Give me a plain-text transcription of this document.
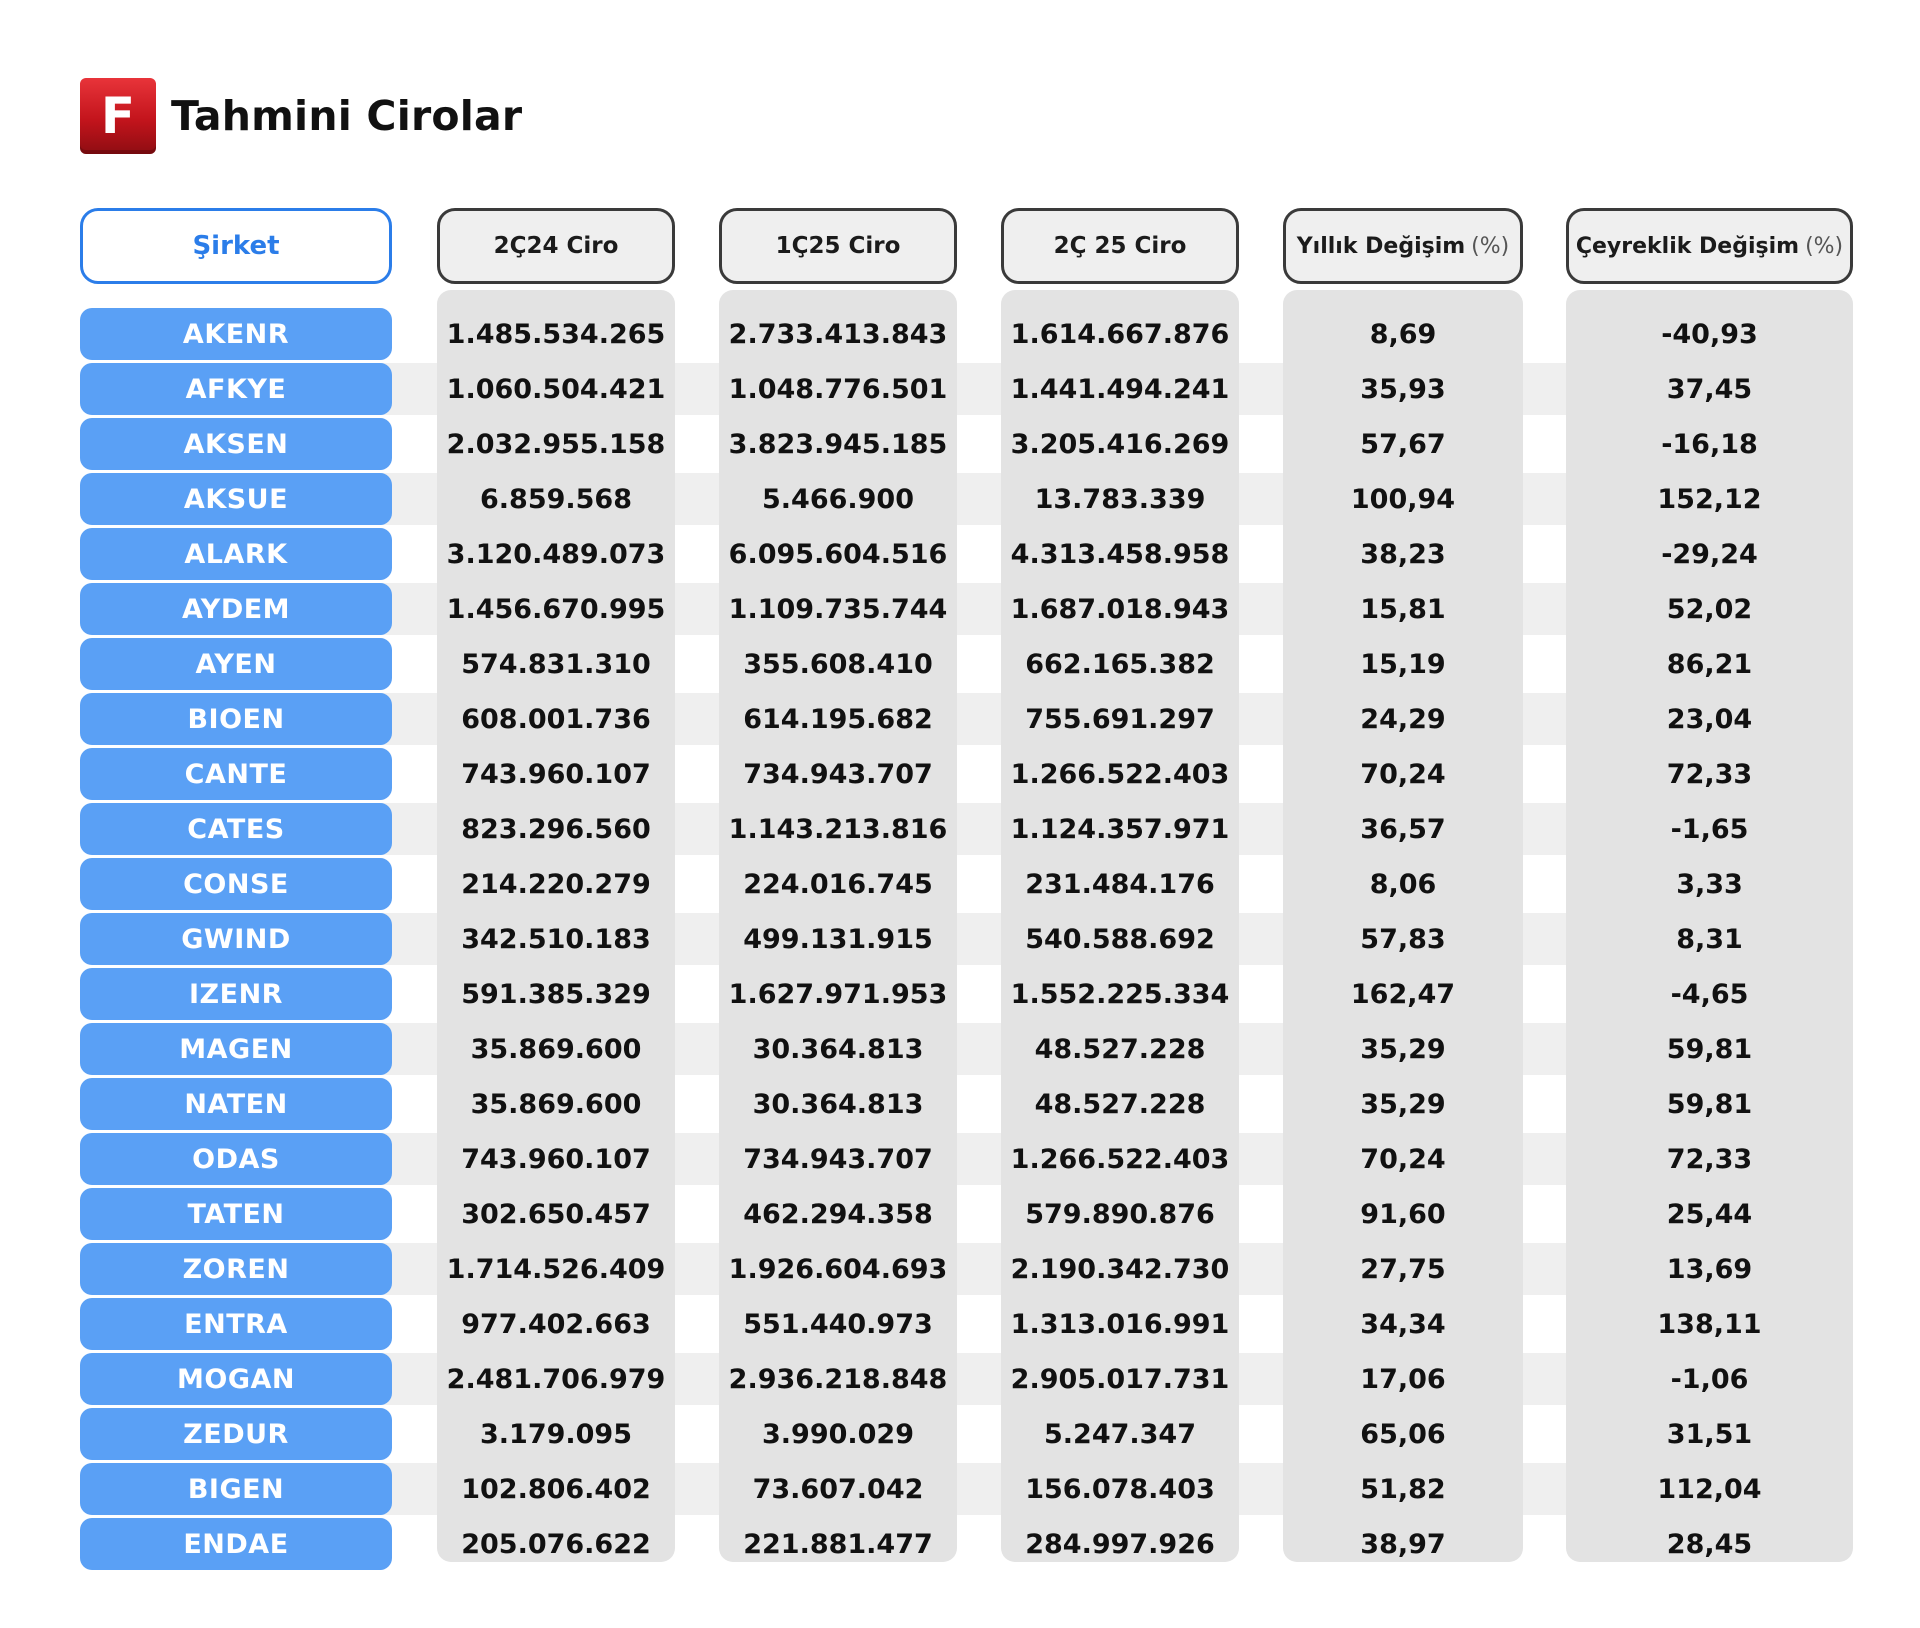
F Tahmini Cirolar
AKENR	1.485.534.265	2.733.413.843	1.614.667.876	8,69	-40,93
AFKYE	1.060.504.421	1.048.776.501	1.441.494.241	35,93	37,45
AKSEN	2.032.955.158	3.823.945.185	3.205.416.269	57,67	-16,18
AKSUE	6.859.568	5.466.900	13.783.339	100,94	152,12
ALARK	3.120.489.073	6.095.604.516	4.313.458.958	38,23	-29,24
AYDEM	1.456.670.995	1.109.735.744	1.687.018.943	15,81	52,02
AYEN	574.831.310	355.608.410	662.165.382	15,19	86,21
BIOEN	608.001.736	614.195.682	755.691.297	24,29	23,04
CANTE	743.960.107	734.943.707	1.266.522.403	70,24	72,33
CATES	823.296.560	1.143.213.816	1.124.357.971	36,57	-1,65
CONSE	214.220.279	224.016.745	231.484.176	8,06	3,33
GWIND	342.510.183	499.131.915	540.588.692	57,83	8,31
IZENR	591.385.329	1.627.971.953	1.552.225.334	162,47	-4,65
MAGEN	35.869.600	30.364.813	48.527.228	35,29	59,81
NATEN	35.869.600	30.364.813	48.527.228	35,29	59,81
ODAS	743.960.107	734.943.707	1.266.522.403	70,24	72,33
TATEN	302.650.457	462.294.358	579.890.876	91,60	25,44
ZOREN	1.714.526.409	1.926.604.693	2.190.342.730	27,75	13,69
ENTRA	977.402.663	551.440.973	1.313.016.991	34,34	138,11
MOGAN	2.481.706.979	2.936.218.848	2.905.017.731	17,06	-1,06
ZEDUR	3.179.095	3.990.029	5.247.347	65,06	31,51
BIGEN	102.806.402	73.607.042	156.078.403	51,82	112,04
ENDAE	205.076.622	221.881.477	284.997.926	38,97	28,45
Şirket	2Ç24 Ciro	1Ç25 Ciro	2Ç 25 Ciro	Yıllık Değişim (%)	Çeyreklik Değişim (%)
